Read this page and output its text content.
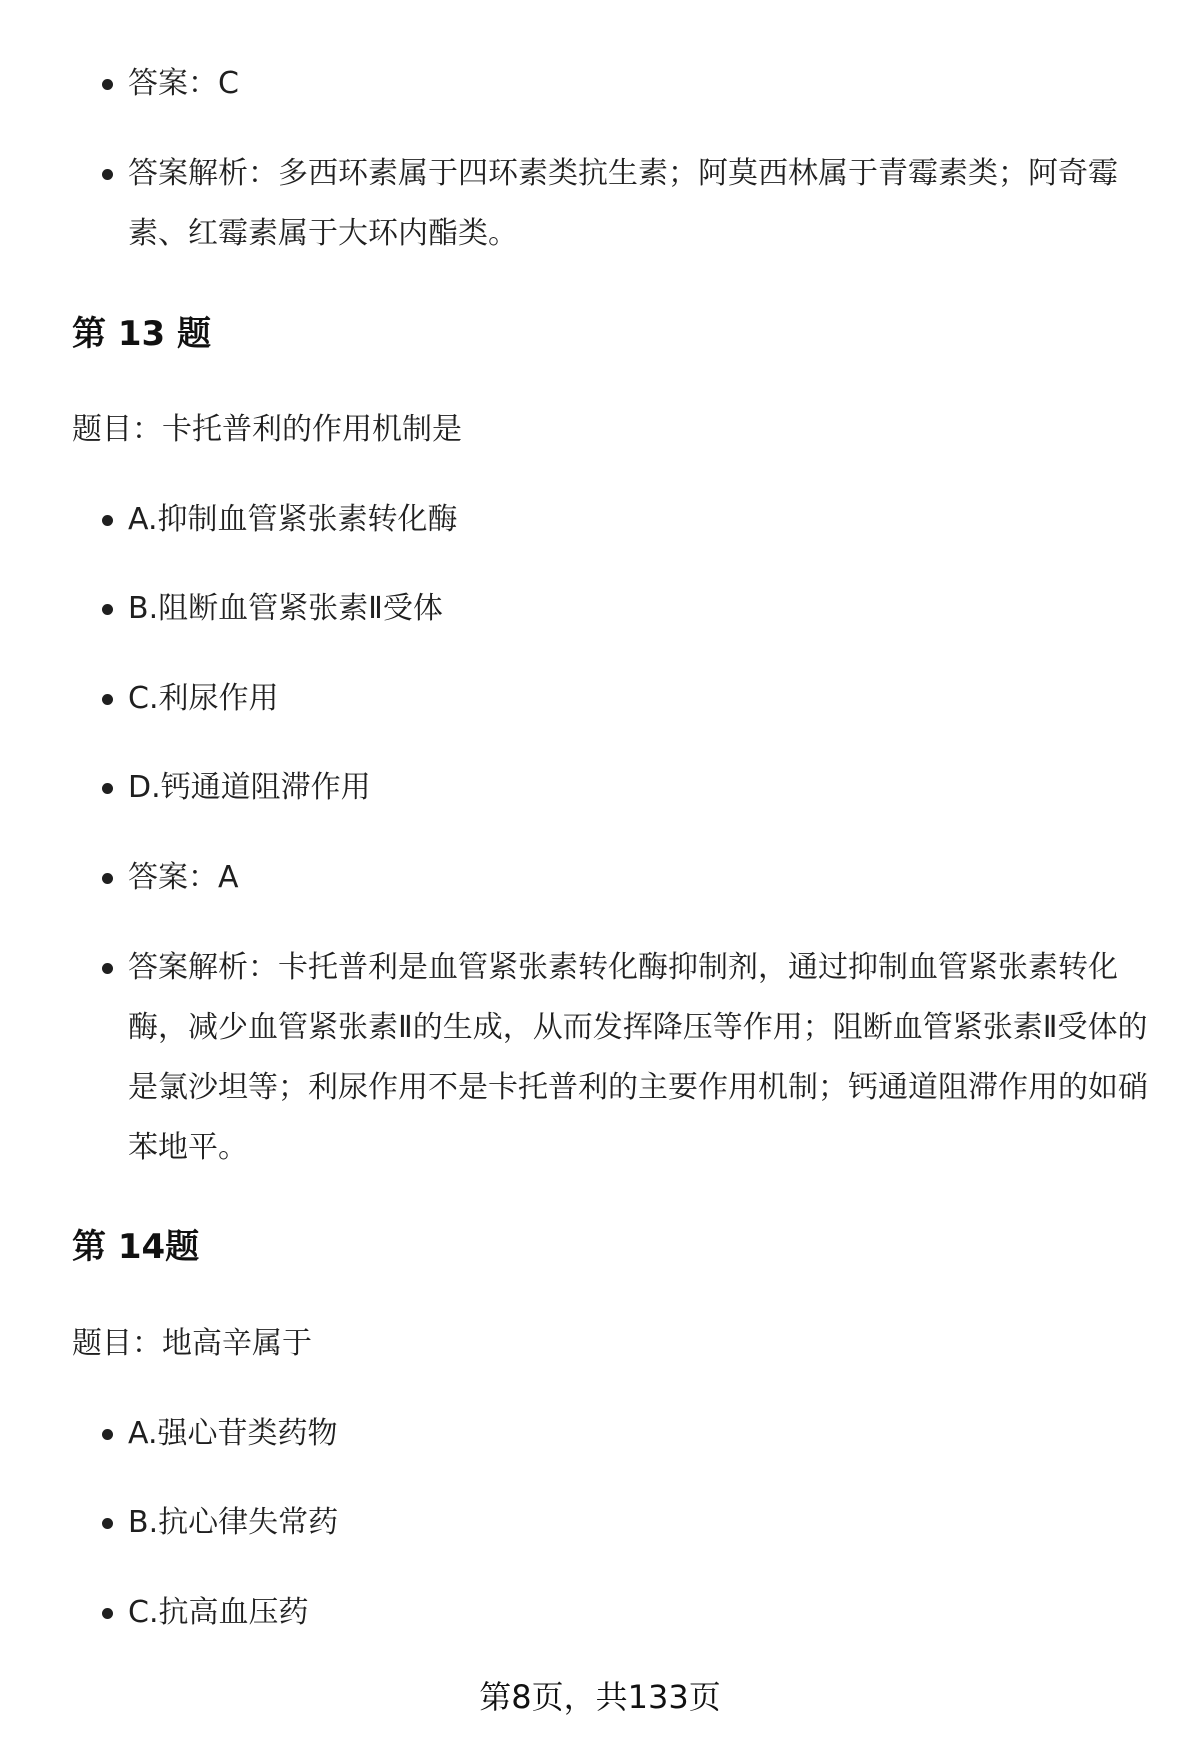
答案：C
答案解析：多西环素属于四环素类抗生素；阿莫西林属于青霉素类；阿奇霉素、红霉素属于大环内酯类。
第 13 题
题目：卡托普利的作用机制是
A.抑制血管紧张素转化酶
B.阻断血管紧张素Ⅱ受体
C.利尿作用
D.钙通道阻滞作用
答案：A
答案解析：卡托普利是血管紧张素转化酶抑制剂，通过抑制血管紧张素转化酶，减少血管紧张素Ⅱ的生成，从而发挥降压等作用；阻断血管紧张素Ⅱ受体的是氯沙坦等；利尿作用不是卡托普利的主要作用机制；钙通道阻滞作用的如硝苯地平。
第 14题
题目：地高辛属于
A.强心苷类药物
B.抗心律失常药
C.抗高血压药
第8页，共133页
